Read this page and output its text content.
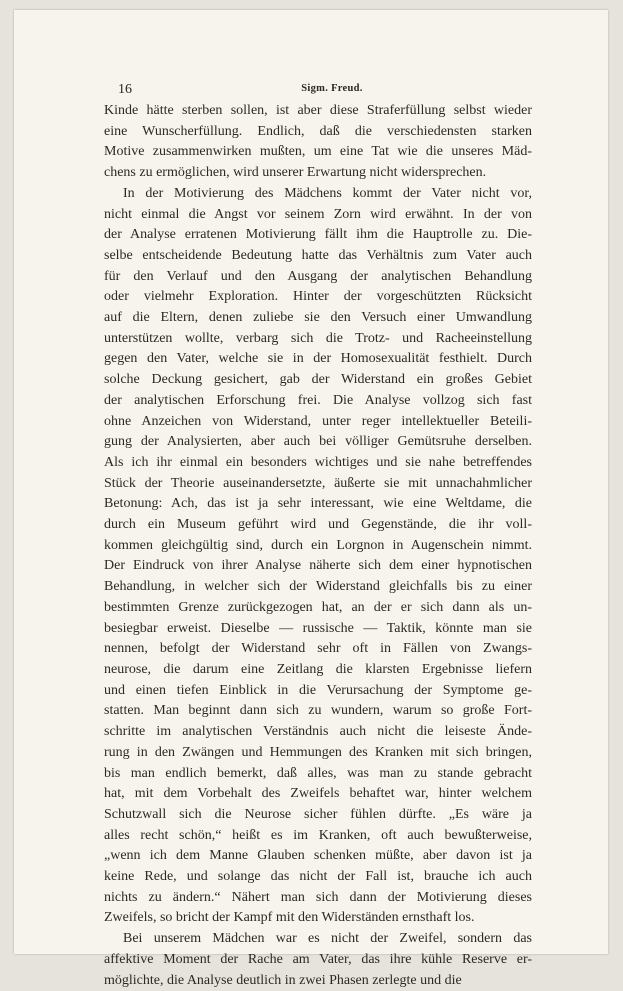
16	Sigm. Freud.

Kinde hätte sterben sollen, ist aber diese Straferfüllung selbst wieder
eine Wunscherfüllung. Endlich, daß die verschiedensten starken
Motive zusammenwirken mußten, um eine Tat wie die unseres Mäd-
chens zu ermöglichen, wird unserer Erwartung nicht widersprechen.

In der Motivierung des Mädchens kommt der Vater nicht vor,
nicht einmal die Angst vor seinem Zorn wird erwähnt. In der von
der Analyse erratenen Motivierung fällt ihm die Hauptrolle zu. Die-
selbe entscheidende Bedeutung hatte das Verhältnis zum Vater auch
für den Verlauf und den Ausgang der analytischen Behandlung
oder vielmehr Exploration. Hinter der vorgeschützten Rücksicht
auf die Eltern, denen zuliebe sie den Versuch einer Umwandlung
unterstützen wollte, verbarg sich die Trotz- und Racheeinstellung
gegen den Vater, welche sie in der Homosexualität festhielt. Durch
solche Deckung gesichert, gab der Widerstand ein großes Gebiet
der analytischen Erforschung frei. Die Analyse vollzog sich fast
ohne Anzeichen von Widerstand, unter reger intellektueller Beteili-
gung der Analysierten, aber auch bei völliger Gemütsruhe derselben.
Als ich ihr einmal ein besonders wichtiges und sie nahe betreffendes
Stück der Theorie auseinandersetzte, äußerte sie mit unnachahmlicher
Betonung: Ach, das ist ja sehr interessant, wie eine Weltdame, die
durch ein Museum geführt wird und Gegenstände, die ihr voll-
kommen gleichgültig sind, durch ein Lorgnon in Augenschein nimmt.
Der Eindruck von ihrer Analyse näherte sich dem einer hypnotischen
Behandlung, in welcher sich der Widerstand gleichfalls bis zu einer
bestimmten Grenze zurückgezogen hat, an der er sich dann als un-
besiegbar erweist. Dieselbe — russische — Taktik, könnte man sie
nennen, befolgt der Widerstand sehr oft in Fällen von Zwangs-
neurose, die darum eine Zeitlang die klarsten Ergebnisse liefern
und einen tiefen Einblick in die Verursachung der Symptome ge-
statten. Man beginnt dann sich zu wundern, warum so große Fort-
schritte im analytischen Verständnis auch nicht die leiseste Ände-
rung in den Zwängen und Hemmungen des Kranken mit sich bringen,
bis man endlich bemerkt, daß alles, was man zu stande gebracht
hat, mit dem Vorbehalt des Zweifels behaftet war, hinter welchem
Schutzwall sich die Neurose sicher fühlen dürfte. „Es wäre ja
alles recht schön,“ heißt es im Kranken, oft auch bewußterweise,
„wenn ich dem Manne Glauben schenken müßte, aber davon ist ja
keine Rede, und solange das nicht der Fall ist, brauche ich auch
nichts zu ändern.“ Nähert man sich dann der Motivierung dieses
Zweifels, so bricht der Kampf mit den Widerständen ernsthaft los.

Bei unserem Mädchen war es nicht der Zweifel, sondern das
affektive Moment der Rache am Vater, das ihre kühle Reserve er-
möglichte, die Analyse deutlich in zwei Phasen zerlegte und die
